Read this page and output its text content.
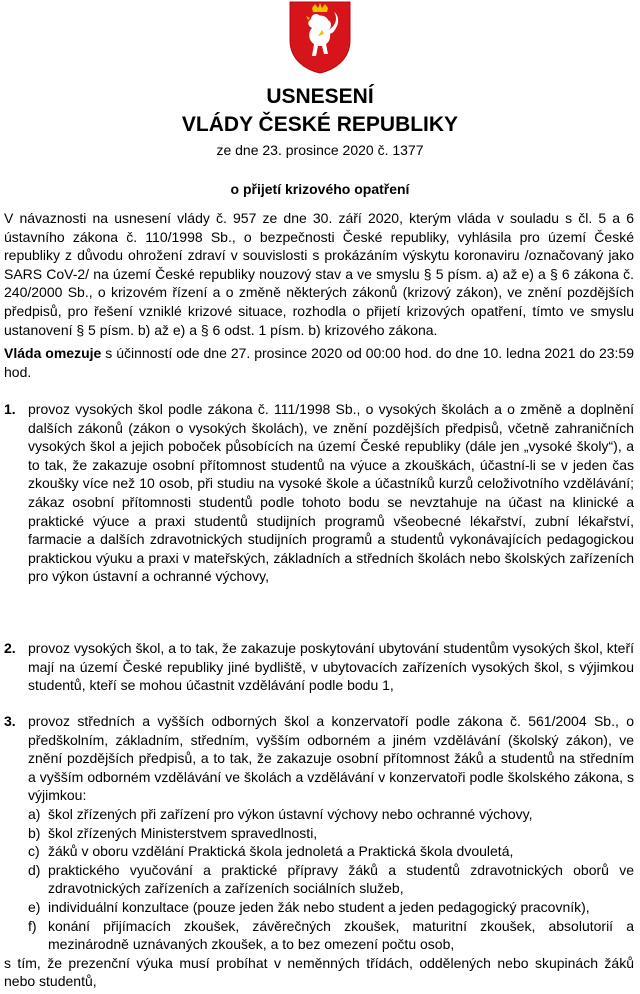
USNESENÍ

VLÁDY ČESKÉ REPUBLIKY

ze dne 23. prosince 2020 č. 1377

o přijetí krizového opatření

V návaznosti na usnesení vlády č. 957 ze dne 30. září 2020, kterým vláda v souladu s čl. 5 a 6 ústavního zákona č. 110/1998 Sb., o bezpečnosti České republiky, vyhlásila pro území České republiky z důvodu ohrožení zdraví v souvislosti s prokázáním výskytu koronaviru /označovaný jako SARS CoV-2/ na území České republiky nouzový stav a ve smyslu § 5 písm. a) až e) a § 6 zákona č. 240/2000 Sb., o krizovém řízení a o změně některých zákonů (krizový zákon), ve znění pozdějších předpisů, pro řešení vzniklé krizové situace, rozhodla o přijetí krizových opatření, tímto ve smyslu ustanovení § 5 písm. b) až e) a § 6 odst. 1 písm. b) krizového zákona.

Vláda omezuje s účinností ode dne 27. prosince 2020 od 00:00 hod. do dne 10. ledna 2021 do 23:59 hod.

1. provoz vysokých škol podle zákona č. 111/1998 Sb., o vysokých školách a o změně a doplnění dalších zákonů (zákon o vysokých školách), ve znění pozdějších předpisů, včetně zahraničních vysokých škol a jejich poboček působících na území České republiky (dále jen „vysoké školy“), a to tak, že zakazuje osobní přítomnost studentů na výuce a zkouškách, účastní-li se v jeden čas zkoušky více než 10 osob, při studiu na vysoké škole a účastníků kurzů celoživotního vzdělávání; zákaz osobní přítomnosti studentů podle tohoto bodu se nevztahuje na účast na klinické a praktické výuce a praxi studentů studijních programů všeobecné lékařství, zubní lékařství, farmacie a dalších zdravotnických studijních programů a studentů vykonávajících pedagogickou praktickou výuku a praxi v mateřských, základních a středních školách nebo školských zařízeních pro výkon ústavní a ochranné výchovy,

2. provoz vysokých škol, a to tak, že zakazuje poskytování ubytování studentům vysokých škol, kteří mají na území České republiky jiné bydliště, v ubytovacích zařízeních vysokých škol, s výjimkou studentů, kteří se mohou účastnit vzdělávání podle bodu 1,

3. provoz středních a vyšších odborných škol a konzervatoří podle zákona č. 561/2004 Sb., o předškolním, základním, středním, vyšším odborném a jiném vzdělávání (školský zákon), ve znění pozdějších předpisů, a to tak, že zakazuje osobní přítomnost žáků a studentů na středním a vyšším odborném vzdělávání ve školách a vzdělávání v konzervatoři podle školského zákona, s výjimkou:

a) škol zřízených při zařízení pro výkon ústavní výchovy nebo ochranné výchovy,

b) škol zřízených Ministerstvem spravedlnosti,

c) žáků v oboru vzdělání Praktická škola jednoletá a Praktická škola dvouletá,

d) praktického vyučování a praktické přípravy žáků a studentů zdravotnických oborů ve zdravotnických zařízeních a zařízeních sociálních služeb,

e) individuální konzultace (pouze jeden žák nebo student a jeden pedagogický pracovník),

f) konání přijímacích zkoušek, závěrečných zkoušek, maturitní zkoušek, absolutorií a mezinárodně uznávaných zkoušek, a to bez omezení počtu osob,

s tím, že prezenční výuka musí probíhat v neměnných třídách, oddělených nebo skupinách žáků nebo studentů,
